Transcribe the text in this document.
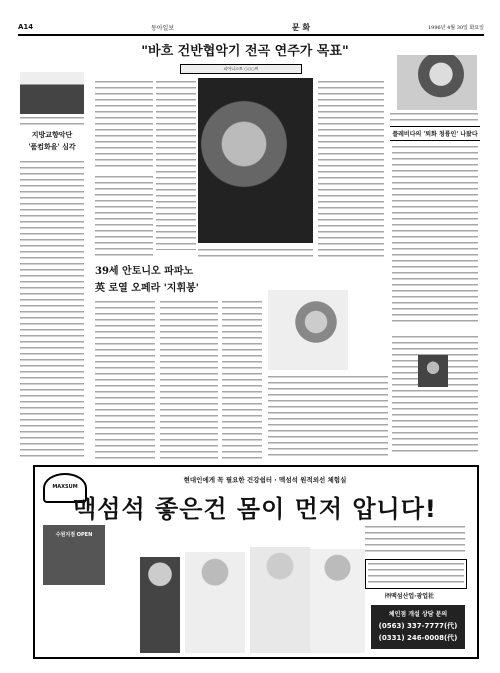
A14	동아일보	문 화	1996년 4월 30일 화요일
지방교향악단
'품컴화을' 심각
"바흐 건반협악기 전곡 연주가 목표"
피아니스트 ○○○씨
플레비다의 '퇴화 청륭인' 나왔다
39세 안토니오 파파노
英 로열 오페라 '지휘봉'
MAXSUM
현대인에게 꼭 필요한 건강쉼터 · 맥섬석 원적외선 체험실
맥섬석 좋은건 몸이 먼저 압니다!
수원지점 OPEN
㈜맥섬산업·광업社
체인점 개설 상담 문의
(0563) 337-7777(代)
(0331) 246-0008(代)
